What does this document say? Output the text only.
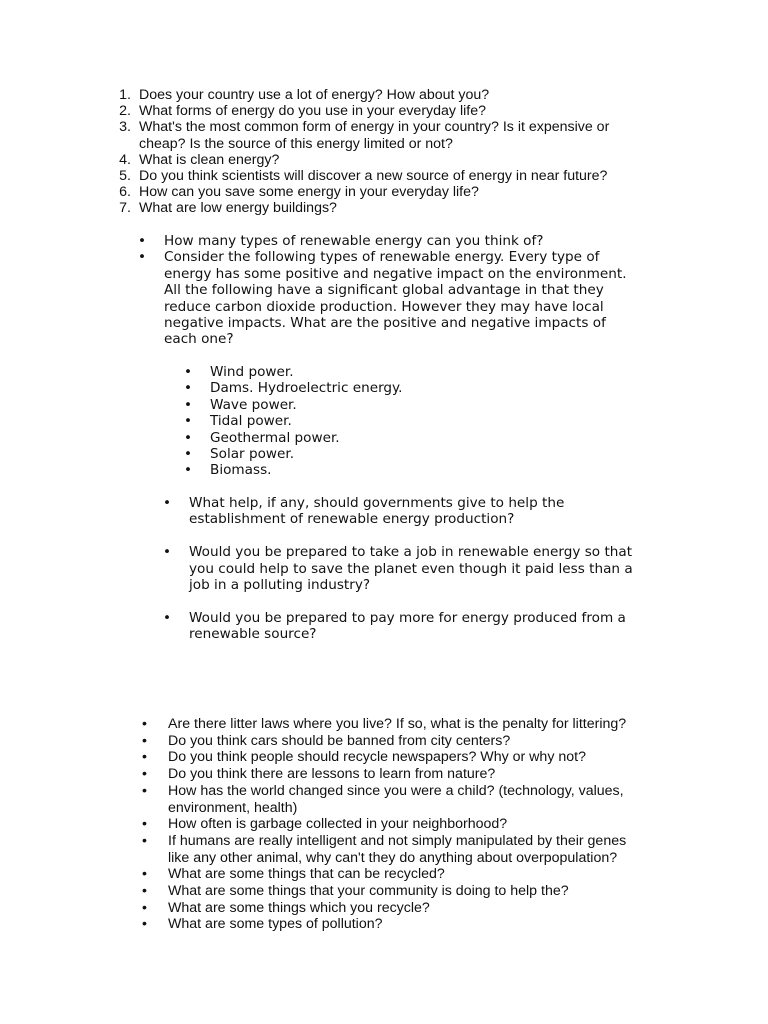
1. Does your country use a lot of energy? How about you?
2. What forms of energy do you use in your everyday life?
3. What's the most common form of energy in your country? Is it expensive or
cheap? Is the source of this energy limited or not?
4. What is clean energy?
5. Do you think scientists will discover a new source of energy in near future?
6. How can you save some energy in your everyday life?
7. What are low energy buildings?
• How many types of renewable energy can you think of?
• Consider the following types of renewable energy. Every type of
energy has some positive and negative impact on the environment.
All the following have a significant global advantage in that they
reduce carbon dioxide production. However they may have local
negative impacts. What are the positive and negative impacts of
each one?
• Wind power.
• Dams. Hydroelectric energy.
• Wave power.
• Tidal power.
• Geothermal power.
• Solar power.
• Biomass.
• What help, if any, should governments give to help the
establishment of renewable energy production?
• Would you be prepared to take a job in renewable energy so that
you could help to save the planet even though it paid less than a
job in a polluting industry?
• Would you be prepared to pay more for energy produced from a
renewable source?
•	Are there litter laws where you live? If so, what is the penalty for littering?
•	Do you think cars should be banned from city centers?
•	Do you think people should recycle newspapers? Why or why not?
•	Do you think there are lessons to learn from nature?
•	How has the world changed since you were a child? (technology, values,
environment, health)
•	How often is garbage collected in your neighborhood?
•	If humans are really intelligent and not simply manipulated by their genes
like any other animal, why can't they do anything about overpopulation?
•	What are some things that can be recycled?
•	What are some things that your community is doing to help the?
•	What are some things which you recycle?
•	What are some types of pollution?
